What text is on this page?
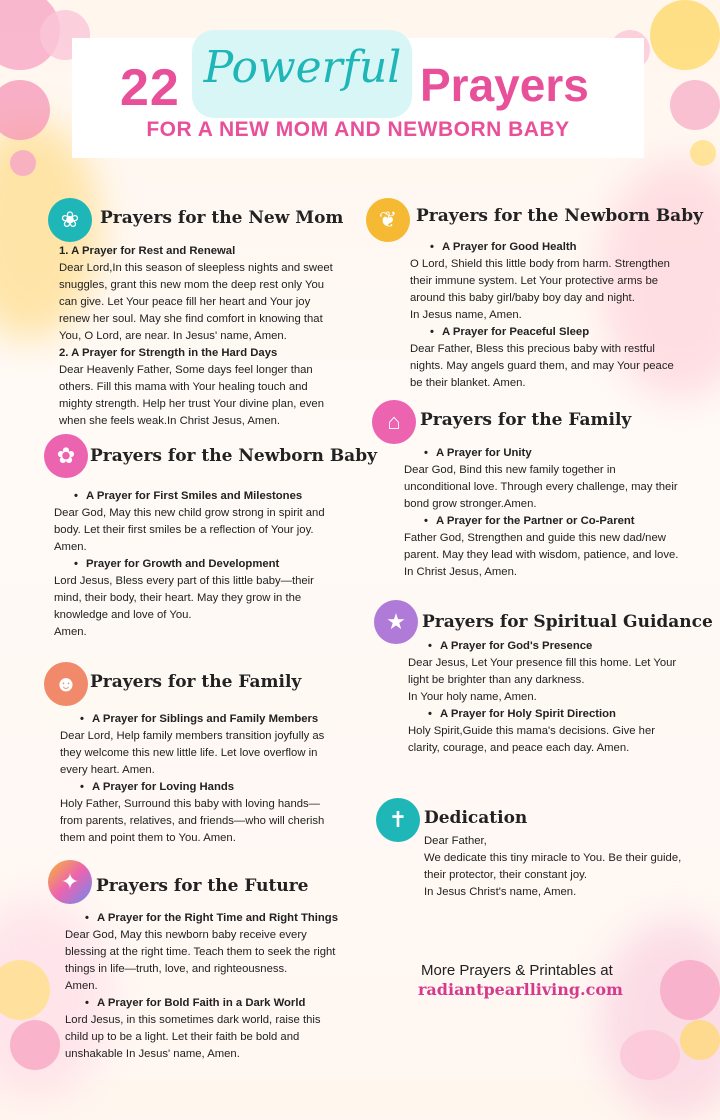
22 Powerful Prayers
FOR A NEW MOM AND NEWBORN BABY
❀	Prayers for the New Mom

1. A Prayer for Rest and Renewal

Dear Lord,In this season of sleepless nights and sweet

snuggles, grant this new mom the deep rest only You

can give. Let Your peace fill her heart and Your joy

renew her soul. May she find comfort in knowing that

You, O Lord, are near. In Jesus' name, Amen.

2. A Prayer for Strength in the Hard Days

Dear Heavenly Father, Some days feel longer than

others. Fill this mama with Your healing touch and

mighty strength. Help her trust Your divine plan, even

when she feels weak.In Christ Jesus, Amen.

✿ Prayers for the Newborn Baby

• A Prayer for First Smiles and Milestones

Dear God, May this new child grow strong in spirit and

body. Let their first smiles be a reflection of Your joy.

Amen.

• Prayer for Growth and Development

Lord Jesus, Bless every part of this little baby—their

mind, their body, their heart. May they grow in the

knowledge and love of You.

Amen.

☻ Prayers for the Family

• A Prayer for Siblings and Family Members

Dear Lord, Help family members transition joyfully as

they welcome this new little life. Let love overflow in

every heart. Amen.

• A Prayer for Loving Hands

Holy Father, Surround this baby with loving hands—

from parents, relatives, and friends—who will cherish

them and point them to You. Amen.

✦ Prayers for the Future

• A Prayer for the Right Time and Right Things

Dear God, May this newborn baby receive every

blessing at the right time. Teach them to seek the right

things in life—truth, love, and righteousness.

Amen.

• A Prayer for Bold Faith in a Dark World

Lord Jesus, in this sometimes dark world, raise this

child up to be a light. Let their faith be bold and

unshakable In Jesus' name, Amen.

❦	Prayers for the Newborn Baby

• A Prayer for Good Health

O Lord, Shield this little body from harm. Strengthen

their immune system. Let Your protective arms be

around this baby girl/baby boy day and night.

In Jesus name, Amen.

• A Prayer for Peaceful Sleep

Dear Father, Bless this precious baby with restful

nights. May angels guard them, and may Your peace

be their blanket. Amen.

⌂	Prayers for the Family

• A Prayer for Unity

Dear God, Bind this new family together in

unconditional love. Through every challenge, may their

bond grow stronger.Amen.

• A Prayer for the Partner or Co-Parent

Father God, Strengthen and guide this new dad/new

parent. May they lead with wisdom, patience, and love.

In Christ Jesus, Amen.

★ Prayers for Spiritual Guidance

• A Prayer for God's Presence

Dear Jesus, Let Your presence fill this home. Let Your

light be brighter than any darkness.

In Your holy name, Amen.

• A Prayer for Holy Spirit Direction

Holy Spirit,Guide this mama's decisions. Give her

clarity, courage, and peace each day. Amen.

✝ Dedication

Dear Father,

We dedicate this tiny miracle to You. Be their guide,

their protector, their constant joy.

In Jesus Christ's name, Amen.

More Prayers & Printables at
radiantpearlliving.com
